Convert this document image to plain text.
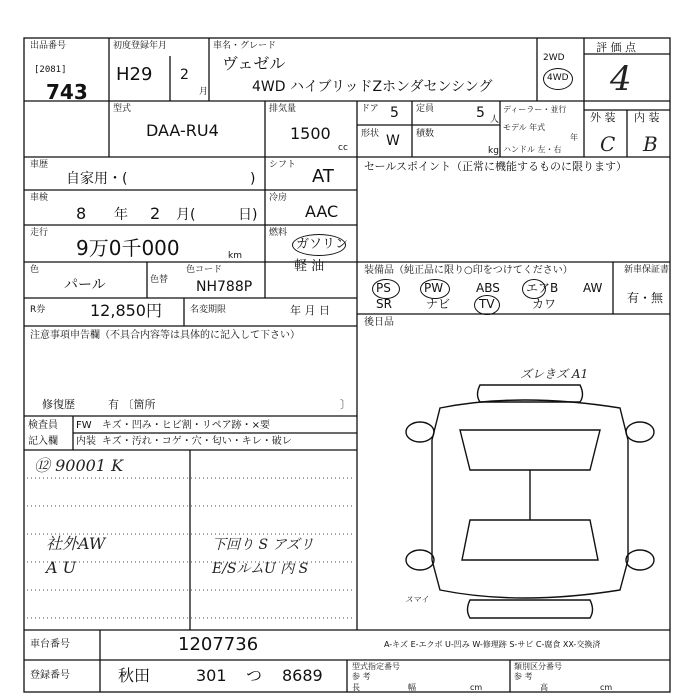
出品番号
[2081]
743
初度登録年月
H29 2
月
車名・グレード
ヴェゼル
4WD ハイブリッドZホンダセンシング
2WD
4WD
評 価 点
4
型式
DAA-RU4
排気量
1500
cc
ドア 5
形状 W
定員	5 人
積数
kg
ディーラー・並行
モデル 年式
年
ハンドル 左・右
外 装 内 装
C B
車歴
自家用・(	)
シフト
AT	セールスポイント（正常に機能するものに限ります）
車検
8 年 2 月(	日)
冷房
AAC
走行
9万0千000	km
燃料
ガソリン
軽 油
色
パール	色替
色コード
NH788P
装備品（純正品に限り○印をつけてください）	新車保証書
有・無
PS	PW	ABS エアB AW
SR	ナビ TV	カワ
R券	12,850円	名変期限	年 月 日
後日品
注意事項申告欄（不具合内容等は具体的に記入して下さい）
修復歴	有 〔箇所	〕
検査員
記入欄
FW キズ・凹み・ヒビ割・リペア跡・×要
内装 キズ・汚れ・コゲ・穴・匂い・キレ・破レ
⑫ 90001 K
社外AW
A U
下回り S アズリ
E/SルムU 内 S
ズレきズ A1
スマイ
車台番号	1207736	A-キズ E-エクボ U-凹み W-修理跡 S-サビ C-腐食 XX-交換済
登録番号	秋田	301 つ 8689	型式指定番号
参 考
類別区分番号
参 考
長	幅	cm	高	cm
